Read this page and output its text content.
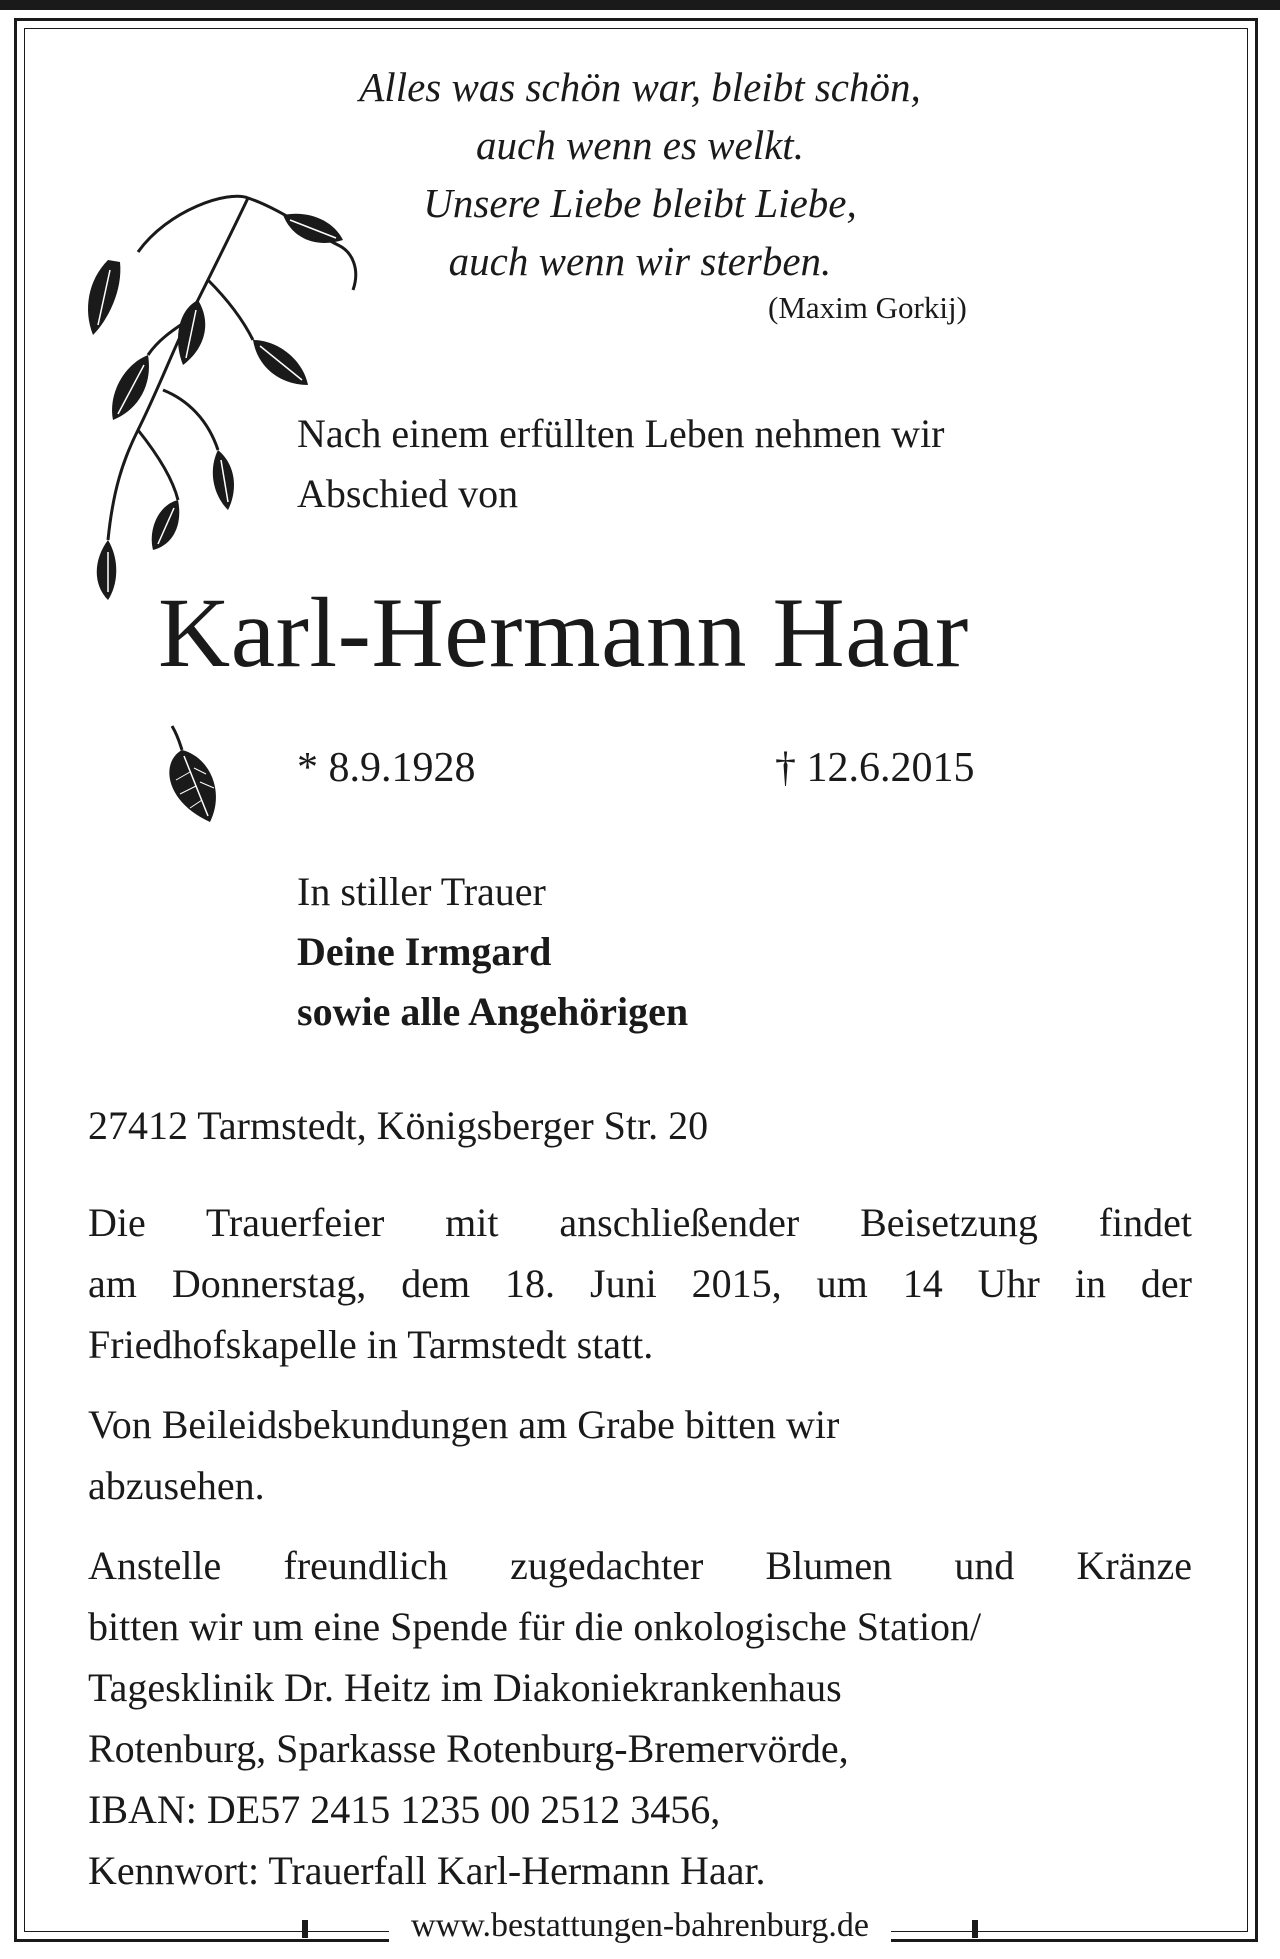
Alles was schön war, bleibt schön,
auch wenn es welkt.
Unsere Liebe bleibt Liebe,
auch wenn wir sterben.
(Maxim Gorkij)
Nach einem erfüllten Leben nehmen wir
Abschied von
Karl-Hermann Haar
* 8.9.1928	† 12.6.2015
In stiller Trauer
Deine Irmgard
sowie alle Angehörigen
27412 Tarmstedt, Königsberger Str. 20
Die Trauerfeier mit anschließender Beisetzung findet
am Donnerstag, dem 18. Juni 2015, um 14 Uhr in der
Friedhofskapelle in Tarmstedt statt.
Von Beileidsbekundungen am Grabe bitten wir
abzusehen.
Anstelle freundlich zugedachter Blumen und Kränze
bitten wir um eine Spende für die onkologische Station/
Tagesklinik Dr. Heitz im Diakoniekrankenhaus
Rotenburg, Sparkasse Rotenburg-Bremervörde,
IBAN: DE57 2415 1235 00 2512 3456,
Kennwort: Trauerfall Karl-Hermann Haar.
www.bestattungen-bahrenburg.de
